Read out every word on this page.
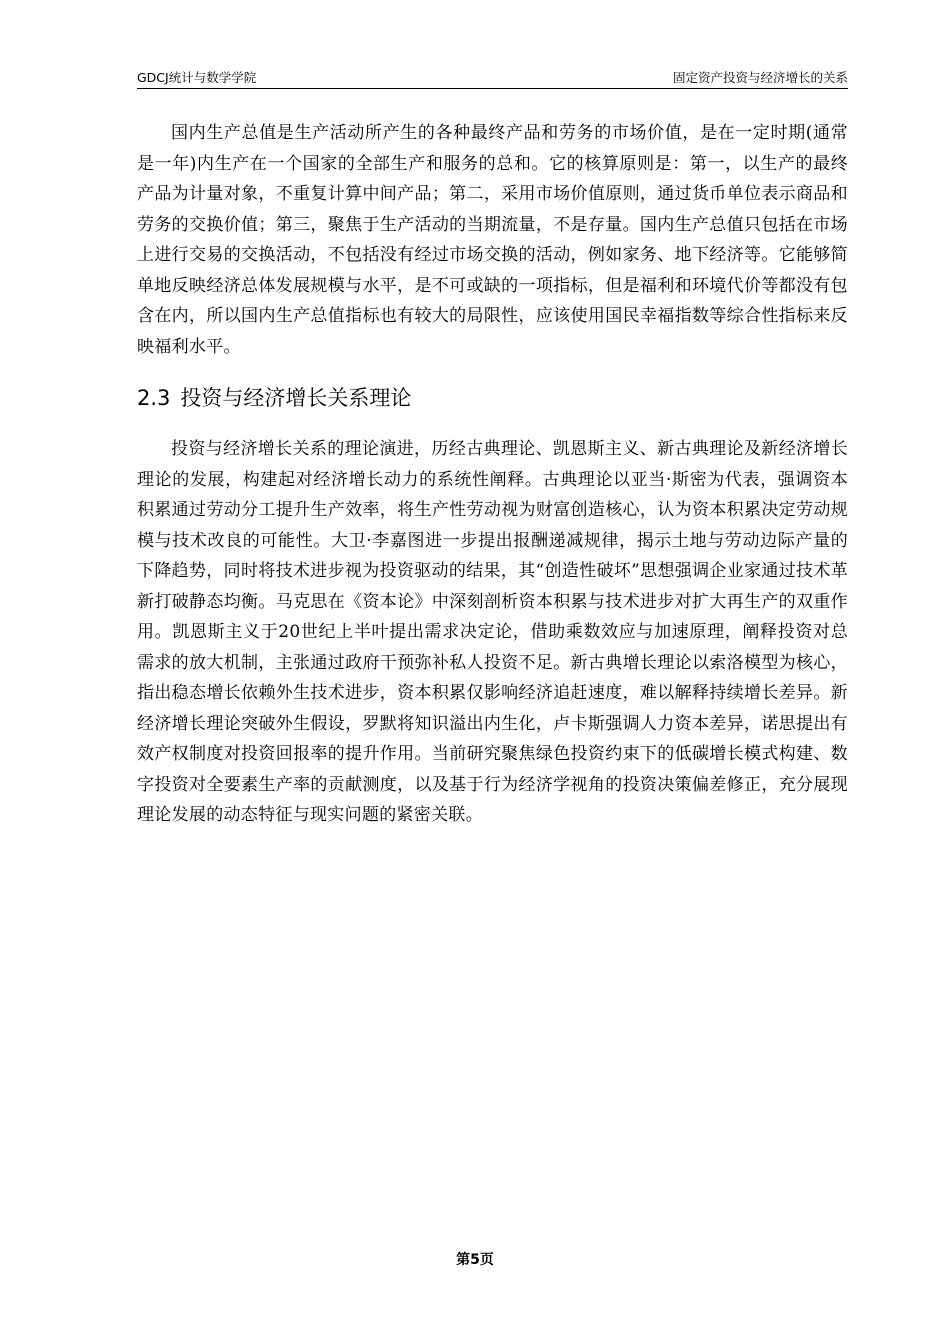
GDCJ统计与数学学院	固定资产投资与经济增长的关系

国内生产总值是生产活动所产生的各种最终产品和劳务的市场价值，是在一定时期(通常是一年)内生产在一个国家的全部生产和服务的总和。它的核算原则是：第一，以生产的最终产品为计量对象，不重复计算中间产品；第二，采用市场价值原则，通过货币单位表示商品和劳务的交换价值；第三，聚焦于生产活动的当期流量，不是存量。国内生产总值只包括在市场上进行交易的交换活动，不包括没有经过市场交换的活动，例如家务、地下经济等。它能够简单地反映经济总体发展规模与水平，是不可或缺的一项指标，但是福利和环境代价等都没有包含在内，所以国内生产总值指标也有较大的局限性，应该使用国民幸福指数等综合性指标来反映福利水平。

2.3 投资与经济增长关系理论

投资与经济增长关系的理论演进，历经古典理论、凯恩斯主义、新古典理论及新经济增长理论的发展，构建起对经济增长动力的系统性阐释。古典理论以亚当·斯密为代表，强调资本积累通过劳动分工提升生产效率，将生产性劳动视为财富创造核心，认为资本积累决定劳动规模与技术改良的可能性。大卫·李嘉图进一步提出报酬递减规律，揭示土地与劳动边际产量的下降趋势，同时将技术进步视为投资驱动的结果，其“创造性破坏”思想强调企业家通过技术革新打破静态均衡。马克思在《资本论》中深刻剖析资本积累与技术进步对扩大再生产的双重作用。凯恩斯主义于20世纪上半叶提出需求决定论，借助乘数效应与加速原理，阐释投资对总需求的放大机制，主张通过政府干预弥补私人投资不足。新古典增长理论以索洛模型为核心，指出稳态增长依赖外生技术进步，资本积累仅影响经济追赶速度，难以解释持续增长差异。新经济增长理论突破外生假设，罗默将知识溢出内生化，卢卡斯强调人力资本差异，诺思提出有效产权制度对投资回报率的提升作用。当前研究聚焦绿色投资约束下的低碳增长模式构建、数字投资对全要素生产率的贡献测度，以及基于行为经济学视角的投资决策偏差修正，充分展现理论发展的动态特征与现实问题的紧密关联。

第5页
